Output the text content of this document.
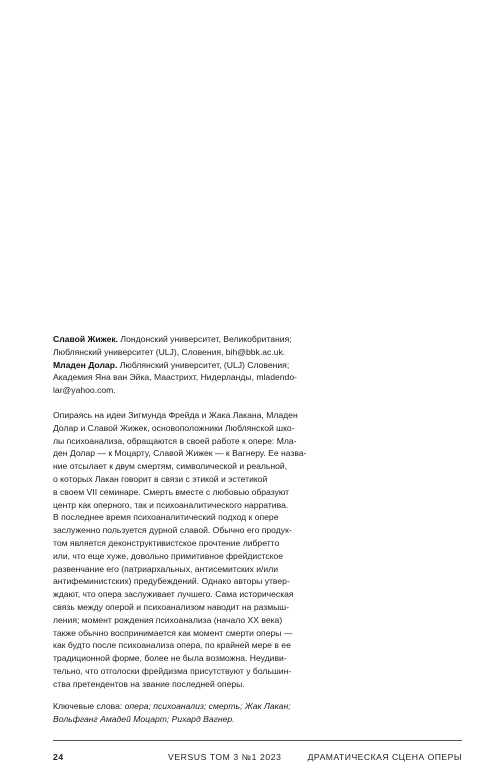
Славой Жижек. Лондонский университет, Великобритания;

Люблянский университет (ULJ), Словения, bih@bbk.ac.uk.

Младен Долар. Люблянский университет, (ULJ) Словения;

Академия Яна ван Эйка, Маастрихт, Нидерланды, mladendo-

lar@yahoo.com.

Опираясь на идеи Зигмунда Фрейда и Жака Лакана, Младен
Долар и Славой Жижек, основоположники Люблянской шко-
лы психоанализа, обращаются в своей работе к опере: Мла-
ден Долар — к Моцарту, Славой Жижек — к Вагнеру. Ее назва-
ние отсылает к двум смертям, символической и реальной,
о которых Лакан говорит в связи с этикой и эстетикой
в своем VII семинаре. Смерть вместе с любовью образуют
центр как оперного, так и психоаналитического нарратива.
В последнее время психоаналитический подход к опере
заслуженно пользуется дурной славой. Обычно его продук-
том является деконструктивистское прочтение либретто
или, что еще хуже, довольно примитивное фрейдистское
развенчание его (патриархальных, антисемитских и/или
антифеминистских) предубеждений. Однако авторы утвер-
ждают, что опера заслуживает лучшего. Сама историческая
связь между оперой и психоанализом наводит на размыш-
ления; момент рождения психоанализа (начало XX века)
также обычно воспринимается как момент смерти оперы —
как будто после психоанализа опера, по крайней мере в ее
традиционной форме, более не была возможна. Неудиви-
тельно, что отголоски фрейдизма присутствуют у большин-
ства претендентов на звание последней оперы.
Ключевые слова: опера; психоанализ; смерть; Жак Лакан;
Вольфганг Амадей Моцарт; Рихард Вагнер.
24	VERSUS ТОМ 3 №1 2023	ДРАМАТИЧЕСКАЯ СЦЕНА ОПЕРЫ
